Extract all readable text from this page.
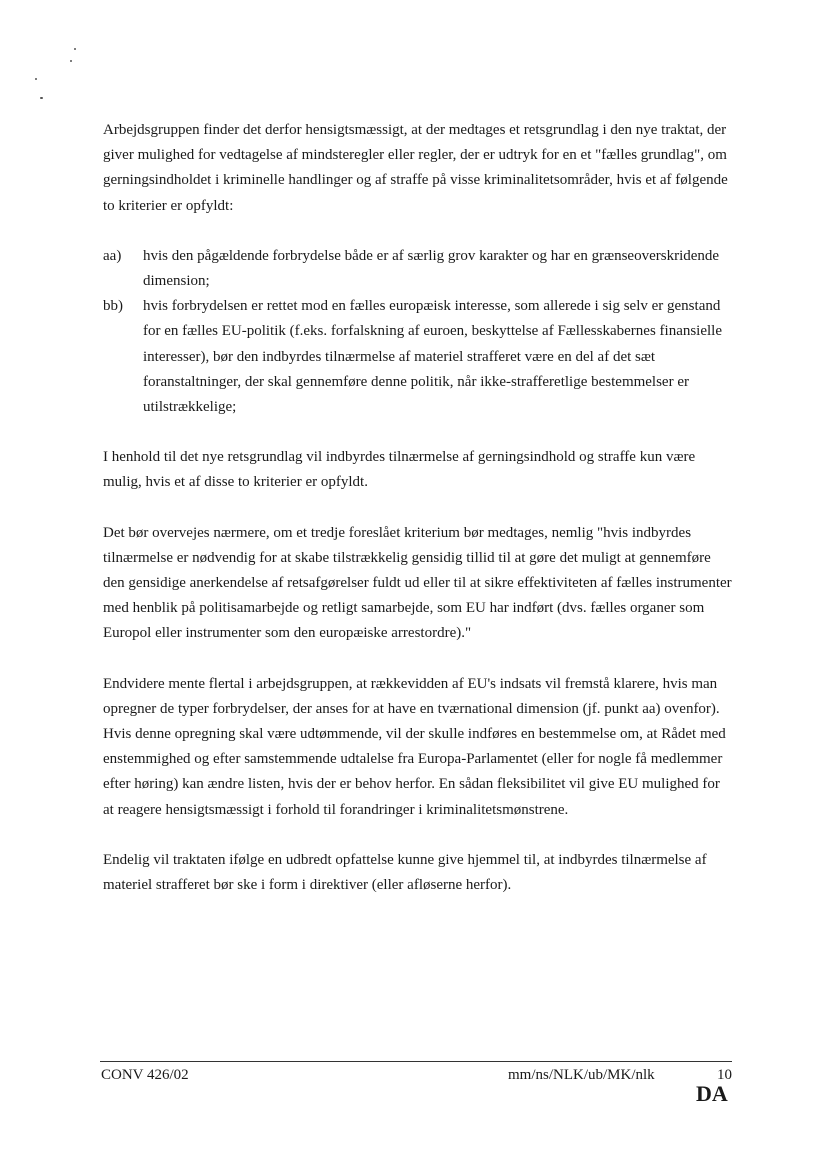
Arbejdsgruppen finder det derfor hensigtsmæssigt, at der medtages et retsgrundlag i den nye traktat, der giver mulighed for vedtagelse af mindsteregler eller regler, der er udtryk for en et "fælles grundlag", om gerningsindholdet i kriminelle handlinger og af straffe på visse kriminalitetsområder, hvis et af følgende to kriterier er opfyldt:

aa)	hvis den pågældende forbrydelse både er af særlig grov karakter og har en grænseoverskridende dimension;
bb)	hvis forbrydelsen er rettet mod en fælles europæisk interesse, som allerede i sig selv er genstand for en fælles EU-politik (f.eks. forfalskning af euroen, beskyttelse af Fællesskabernes finansielle interesser), bør den indbyrdes tilnærmelse af materiel strafferet være en del af det sæt foranstaltninger, der skal gennemføre denne politik, når ikke-strafferetlige bestemmelser er utilstrækkelige;

I henhold til det nye retsgrundlag vil indbyrdes tilnærmelse af gerningsindhold og straffe kun være mulig, hvis et af disse to kriterier er opfyldt.

Det bør overvejes nærmere, om et tredje foreslået kriterium bør medtages, nemlig "hvis indbyrdes tilnærmelse er nødvendig for at skabe tilstrækkelig gensidig tillid til at gøre det muligt at gennemføre den gensidige anerkendelse af retsafgørelser fuldt ud eller til at sikre effektiviteten af fælles instrumenter med henblik på politisamarbejde og retligt samarbejde, som EU har indført (dvs. fælles organer som Europol eller instrumenter som den europæiske arrestordre)."

Endvidere mente flertal i arbejdsgruppen, at rækkevidden af EU's indsats vil fremstå klarere, hvis man opregner de typer forbrydelser, der anses for at have en tværnational dimension (jf. punkt aa) ovenfor). Hvis denne opregning skal være udtømmende, vil der skulle indføres en bestemmelse om, at Rådet med enstemmighed og efter samstemmende udtalelse fra Europa-Parlamentet (eller for nogle få medlemmer efter høring) kan ændre listen, hvis der er behov herfor. En sådan fleksibilitet vil give EU mulighed for at reagere hensigtsmæssigt i forhold til forandringer i kriminalitetsmønstrene.

Endelig vil traktaten ifølge en udbredt opfattelse kunne give hjemmel til, at indbyrdes tilnærmelse af materiel strafferet bør ske i form i direktiver (eller afløserne herfor).

CONV 426/02	mm/ns/NLK/ub/MK/nlk	10
DA
